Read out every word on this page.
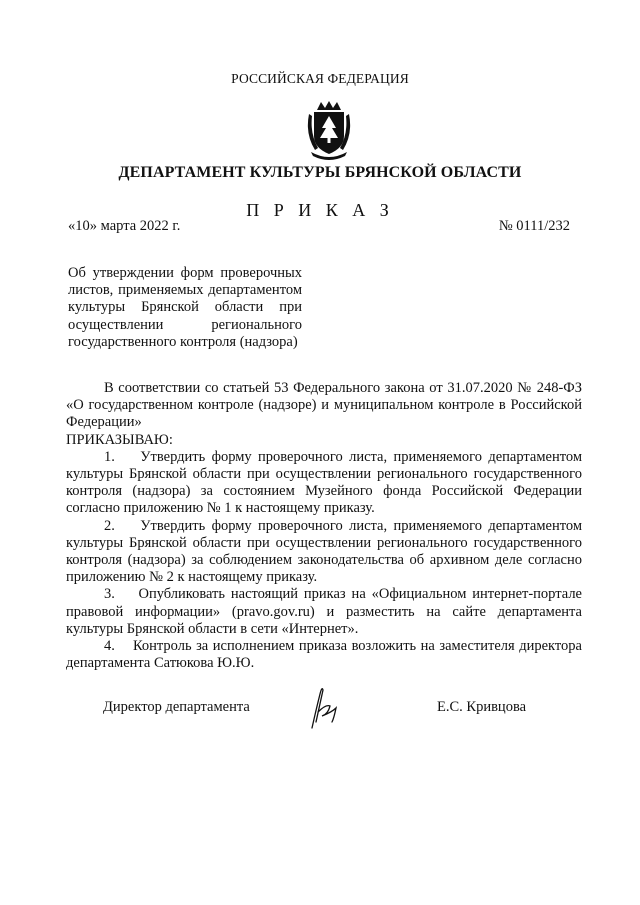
РОССИЙСКАЯ ФЕДЕРАЦИЯ
ДЕПАРТАМЕНТ КУЛЬТУРЫ БРЯНСКОЙ ОБЛАСТИ
П Р И К А З
«10» марта 2022 г.	№ 0111/232
Об утверждении форм проверочных листов, применяемых департаментом культуры Брянской области при осуществлении регионального государственного контроля (надзора)

В соответствии со статьей 53 Федерального закона от 31.07.2020 № 248-ФЗ «О государственном контроле (надзоре) и муниципальном контроле в Российской Федерации»

ПРИКАЗЫВАЮ:

1.    Утвердить форму проверочного листа, применяемого департаментом культуры Брянской области при осуществлении регионального государственного контроля (надзора) за состоянием Музейного фонда Российской Федерации согласно приложению № 1 к настоящему приказу.

2.    Утвердить форму проверочного листа, применяемого департаментом культуры Брянской области при осуществлении регионального государственного контроля (надзора) за соблюдением законодательства об архивном деле согласно приложению № 2 к настоящему приказу.

3.    Опубликовать настоящий приказ на «Официальном интернет-портале правовой информации» (pravo.gov.ru) и разместить на сайте департамента культуры Брянской области в сети «Интернет».

4.    Контроль за исполнением приказа возложить на заместителя директора департамента Сатюкова Ю.Ю.

Директор департамента	Е.С. Кривцова
